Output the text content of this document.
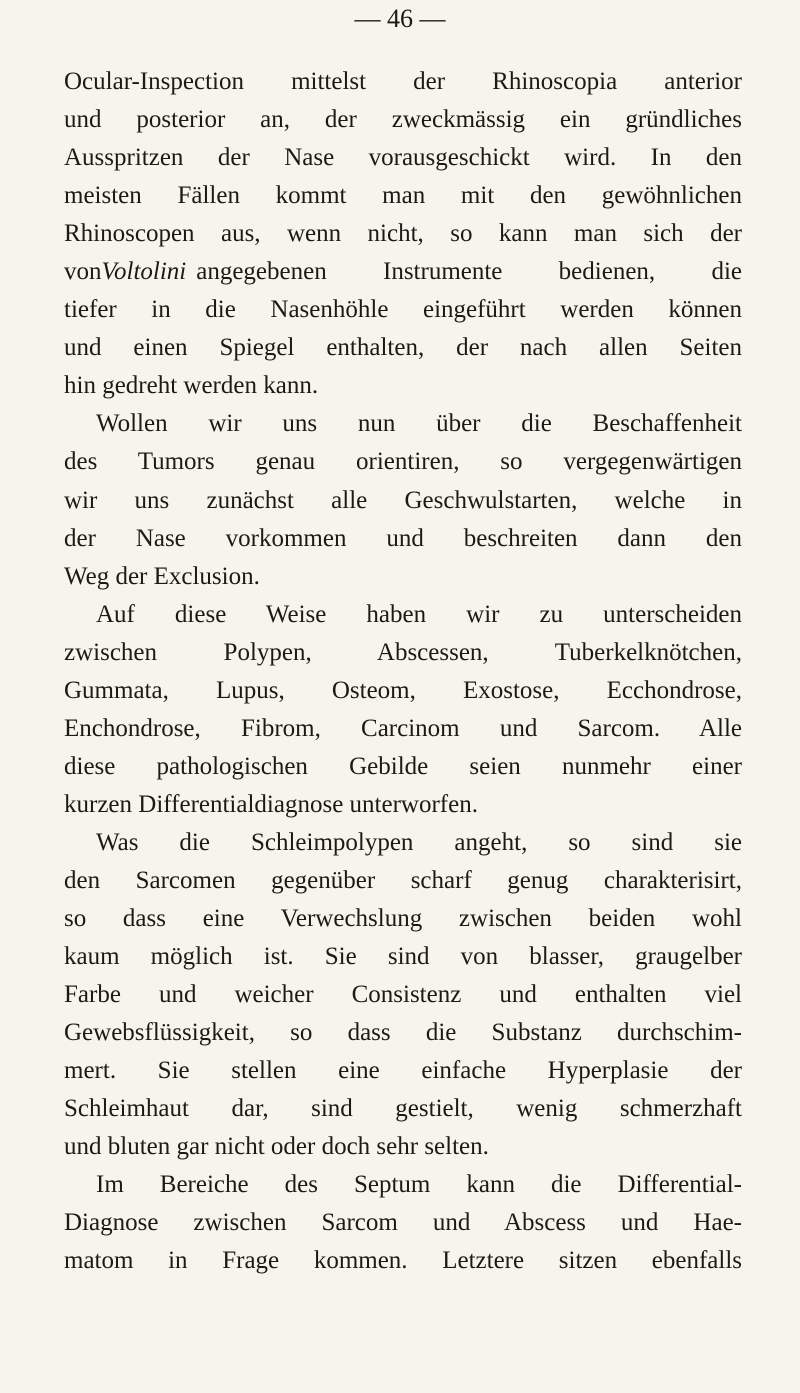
— 46 —
Ocular-Inspection mittelst der Rhinoscopia anterior
und posterior an, der zweckmässig ein gründliches
Ausspritzen der Nase vorausgeschickt wird. In den
meisten Fällen kommt man mit den gewöhnlichen
Rhinoscopen aus, wenn nicht, so kann man sich der
von Voltolini angegebenen Instrumente bedienen, die
tiefer in die Nasenhöhle eingeführt werden können
und einen Spiegel enthalten, der nach allen Seiten
hin gedreht werden kann.
Wollen wir uns nun über die Beschaffenheit
des Tumors genau orientiren, so vergegenwärtigen
wir uns zunächst alle Geschwulstarten, welche in
der Nase vorkommen und beschreiten dann den
Weg der Exclusion.
Auf diese Weise haben wir zu unterscheiden
zwischen Polypen, Abscessen, Tuberkelknötchen,
Gummata, Lupus, Osteom, Exostose, Ecchondrose,
Enchondrose, Fibrom, Carcinom und Sarcom. Alle
diese pathologischen Gebilde seien nunmehr einer
kurzen Differentialdiagnose unterworfen.
Was die Schleimpolypen angeht, so sind sie
den Sarcomen gegenüber scharf genug charakterisirt,
so dass eine Verwechslung zwischen beiden wohl
kaum möglich ist. Sie sind von blasser, graugelber
Farbe und weicher Consistenz und enthalten viel
Gewebsflüssigkeit, so dass die Substanz durchschim-
mert. Sie stellen eine einfache Hyperplasie der
Schleimhaut dar, sind gestielt, wenig schmerzhaft
und bluten gar nicht oder doch sehr selten.
Im Bereiche des Septum kann die Differential-
Diagnose zwischen Sarcom und Abscess und Hae-
matom in Frage kommen. Letztere sitzen ebenfalls
